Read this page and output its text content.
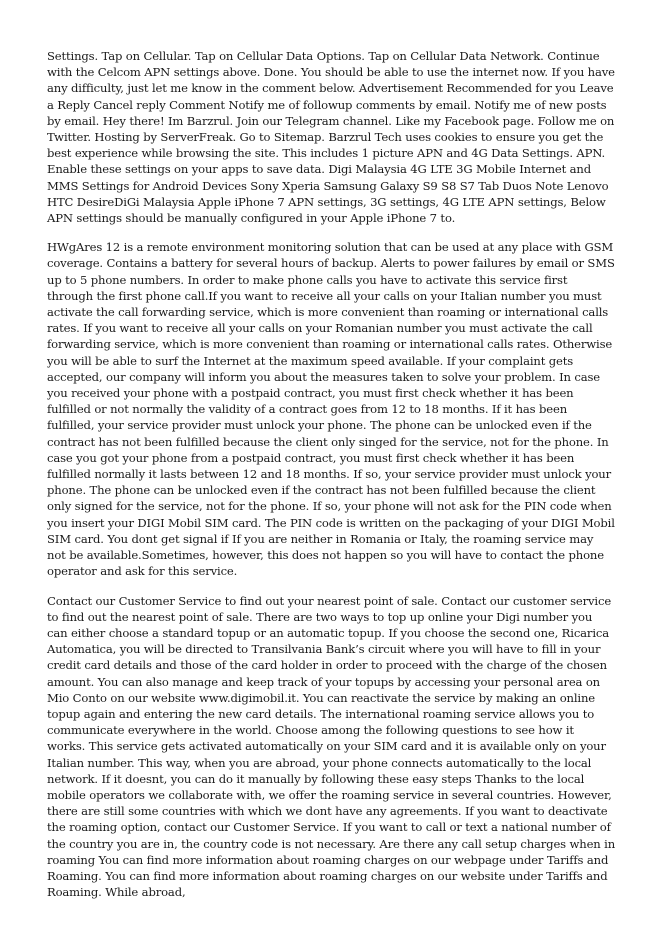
Settings. Tap on Cellular. Tap on Cellular Data Options. Tap on Cellular Data Network. Continue with the Celcom APN settings above. Done. You should be able to use the internet now. If you have any difficulty, just let me know in the comment below. Advertisement Recommended for you Leave a Reply Cancel reply Comment Notify me of followup comments by email. Notify me of new posts by email. Hey there! Im Barzrul. Join our Telegram channel. Like my Facebook page. Follow me on Twitter. Hosting by ServerFreak. Go to Sitemap. Barzrul Tech uses cookies to ensure you get the best experience while browsing the site. This includes 1 picture APN and 4G Data Settings. APN. Enable these settings on your apps to save data. Digi Malaysia 4G LTE 3G Mobile Internet and MMS Settings for Android Devices Sony Xperia Samsung Galaxy S9 S8 S7 Tab Duos Note Lenovo HTC DesireDiGi Malaysia Apple iPhone 7 APN settings, 3G settings, 4G LTE APN settings, Below APN settings should be manually configured in your Apple iPhone 7 to.

HWgAres 12 is a remote environment monitoring solution that can be used at any place with GSM coverage. Contains a battery for several hours of backup. Alerts to power failures by email or SMS up to 5 phone numbers. In order to make phone calls you have to activate this service first through the first phone call.If you want to receive all your calls on your Italian number you must activate the call forwarding service, which is more convenient than roaming or international calls rates. If you want to receive all your calls on your Romanian number you must activate the call forwarding service, which is more convenient than roaming or international calls rates. Otherwise you will be able to surf the Internet at the maximum speed available. If your complaint gets accepted, our company will inform you about the measures taken to solve your problem. In case you received your phone with a postpaid contract, you must first check whether it has been fulfilled or not normally the validity of a contract goes from 12 to 18 months. If it has been fulfilled, your service provider must unlock your phone. The phone can be unlocked even if the contract has not been fulfilled because the client only singed for the service, not for the phone. In case you got your phone from a postpaid contract, you must first check whether it has been fulfilled normally it lasts between 12 and 18 months. If so, your service provider must unlock your phone. The phone can be unlocked even if the contract has not been fulfilled because the client only signed for the service, not for the phone. If so, your phone will not ask for the PIN code when you insert your DIGI Mobil SIM card. The PIN code is written on the packaging of your DIGI Mobil SIM card. You dont get signal if If you are neither in Romania or Italy, the roaming service may not be available.Sometimes, however, this does not happen so you will have to contact the phone operator and ask for this service.

Contact our Customer Service to find out your nearest point of sale. Contact our customer service to find out the nearest point of sale. There are two ways to top up online your Digi number you can either choose a standard topup or an automatic topup. If you choose the second one, Ricarica Automatica, you will be directed to Transilvania Bank’s circuit where you will have to fill in your credit card details and those of the card holder in order to proceed with the charge of the chosen amount. You can also manage and keep track of your topups by accessing your personal area on Mio Conto on our website www.digimobil.it. You can reactivate the service by making an online topup again and entering the new card details. The international roaming service allows you to communicate everywhere in the world. Choose among the following questions to see how it works. This service gets activated automatically on your SIM card and it is available only on your Italian number. This way, when you are abroad, your phone connects automatically to the local network. If it doesnt, you can do it manually by following these easy steps Thanks to the local mobile operators we collaborate with, we offer the roaming service in several countries. However, there are still some countries with which we dont have any agreements. If you want to deactivate the roaming option, contact our Customer Service. If you want to call or text a national number of the country you are in, the country code is not necessary. Are there any call setup charges when in roaming You can find more information about roaming charges on our webpage under Tariffs and Roaming. You can find more information about roaming charges on our website under Tariffs and Roaming. While abroad,
